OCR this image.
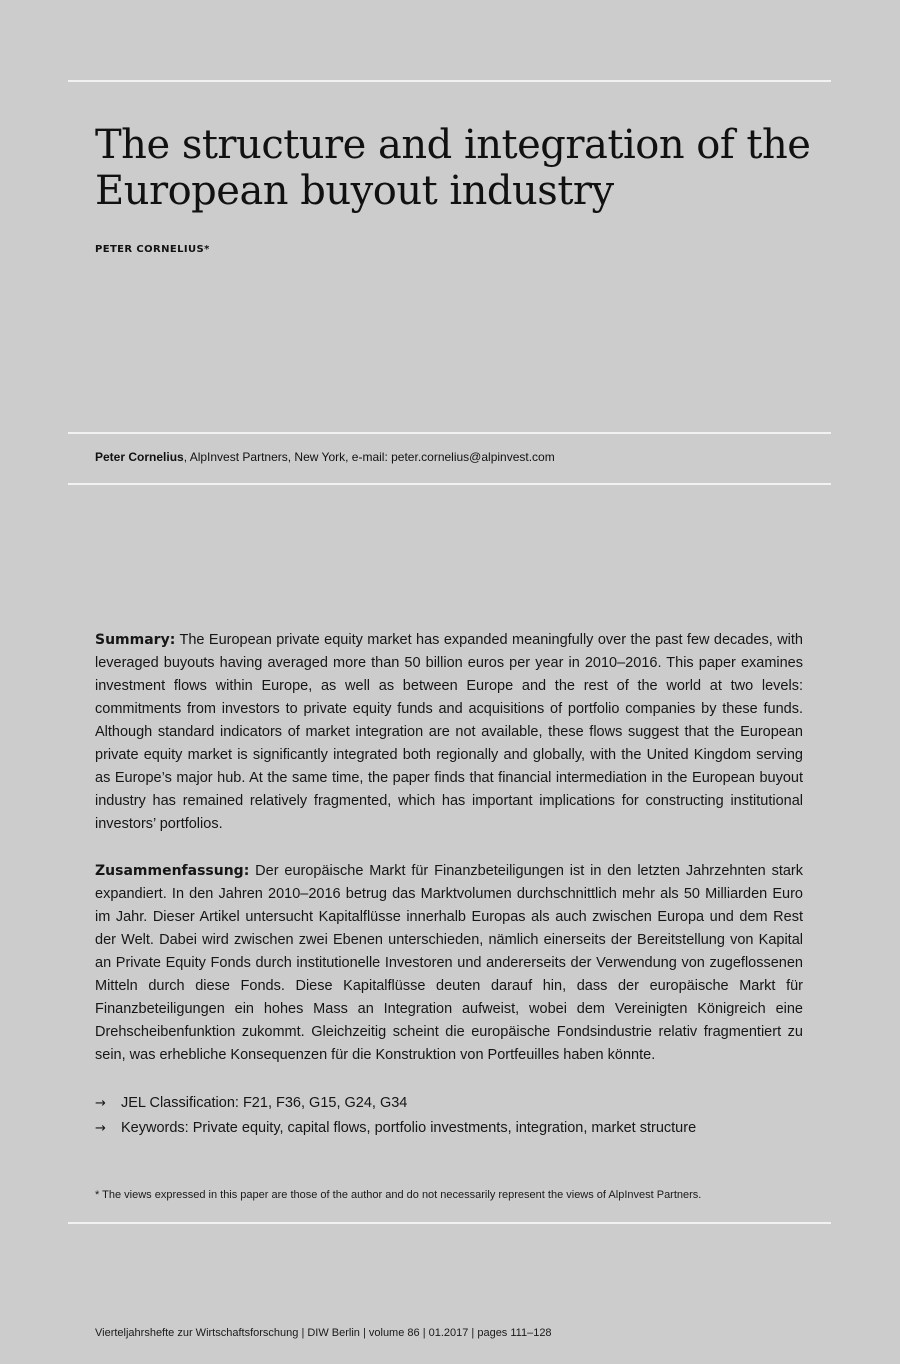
The structure and integration of the
European buyout industry
PETER CORNELIUS*
Peter Cornelius, AlpInvest Partners, New York, e-mail: peter.cornelius@alpinvest.com

Summary: The European private equity market has expanded meaningfully over the past few decades, with leveraged buyouts having averaged more than 50 billion euros per year in 2010–2016. This paper examines investment flows within Europe, as well as between Europe and the rest of the world at two levels: commitments from investors to private equity funds and acquisitions of portfolio companies by these funds. Although standard indicators of market integration are not available, these flows suggest that the European private equity market is significantly integrated both regionally and globally, with the United Kingdom serving as Europe’s major hub. At the same time, the paper finds that financial intermediation in the European buyout industry has remained relatively fragmented, which has important implications for constructing institutional investors’ portfolios.

Zusammenfassung: Der europäische Markt für Finanzbeteiligungen ist in den letzten Jahrzehnten stark expandiert. In den Jahren 2010–2016 betrug das Marktvolumen durchschnittlich mehr als 50 Milliarden Euro im Jahr. Dieser Artikel untersucht Kapitalflüsse innerhalb Europas als auch zwischen Europa und dem Rest der Welt. Dabei wird zwischen zwei Ebenen unterschieden, nämlich einerseits der Bereitstellung von Kapital an Private Equity Fonds durch institutionelle Investoren und andererseits der Verwendung von zugeflossenen Mitteln durch diese Fonds. Diese Kapitalflüsse deuten darauf hin, dass der europäische Markt für Finanzbeteiligungen ein hohes Mass an Integration aufweist, wobei dem Vereinigten Königreich eine Drehscheibenfunktion zukommt. Gleichzeitig scheint die europäische Fondsindustrie relativ fragmentiert zu sein, was erhebliche Konsequenzen für die Konstruktion von Portfeuilles haben könnte.

→ JEL Classification: F21, F36, G15, G24, G34
→ Keywords: Private equity, capital flows, portfolio investments, integration, market structure
* The views expressed in this paper are those of the author and do not necessarily represent the views of AlpInvest Partners.
Vierteljahrshefte zur Wirtschaftsforschung | DIW Berlin | volume 86 | 01.2017 | pages 111–128
